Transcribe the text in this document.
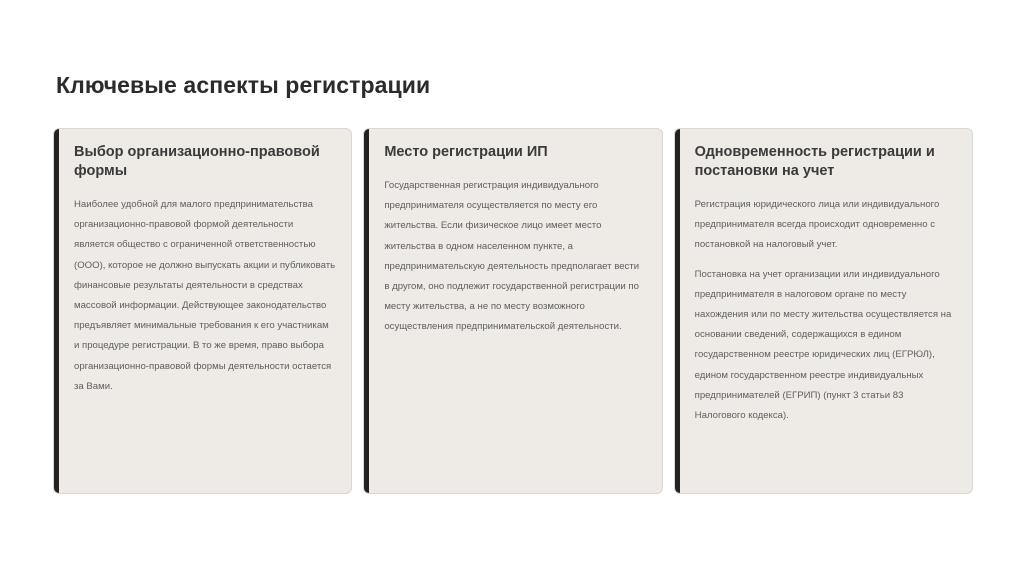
Ключевые аспекты регистрации
Выбор организационно-правовой формы

Наиболее удобной для малого предпринимательства организационно-правовой формой деятельности является общество с ограниченной ответственностью (ООО), которое не должно выпускать акции и публиковать финансовые результаты деятельности в средствах массовой информации. Действующее законодательство предъявляет минимальные требования к его участникам и процедуре регистрации. В то же время, право выбора организационно-правовой формы деятельности остается за Вами.

Место регистрации ИП

Государственная регистрация индивидуального предпринимателя осуществляется по месту его жительства. Если физическое лицо имеет место жительства в одном населенном пункте, а предпринимательскую деятельность предполагает вести в другом, оно подлежит государственной регистрации по месту жительства, а не по месту возможного осуществления предпринимательской деятельности.

Одновременность регистрации и постановки на учет

Регистрация юридического лица или индивидуального предпринимателя всегда происходит одновременно с постановкой на налоговый учет.

Постановка на учет организации или индивидуального предпринимателя в налоговом органе по месту нахождения или по месту жительства осуществляется на основании сведений, содержащихся в едином государственном реестре юридических лиц (ЕГРЮЛ), едином государственном реестре индивидуальных предпринимателей (ЕГРИП) (пункт 3 статьи 83 Налогового кодекса).
